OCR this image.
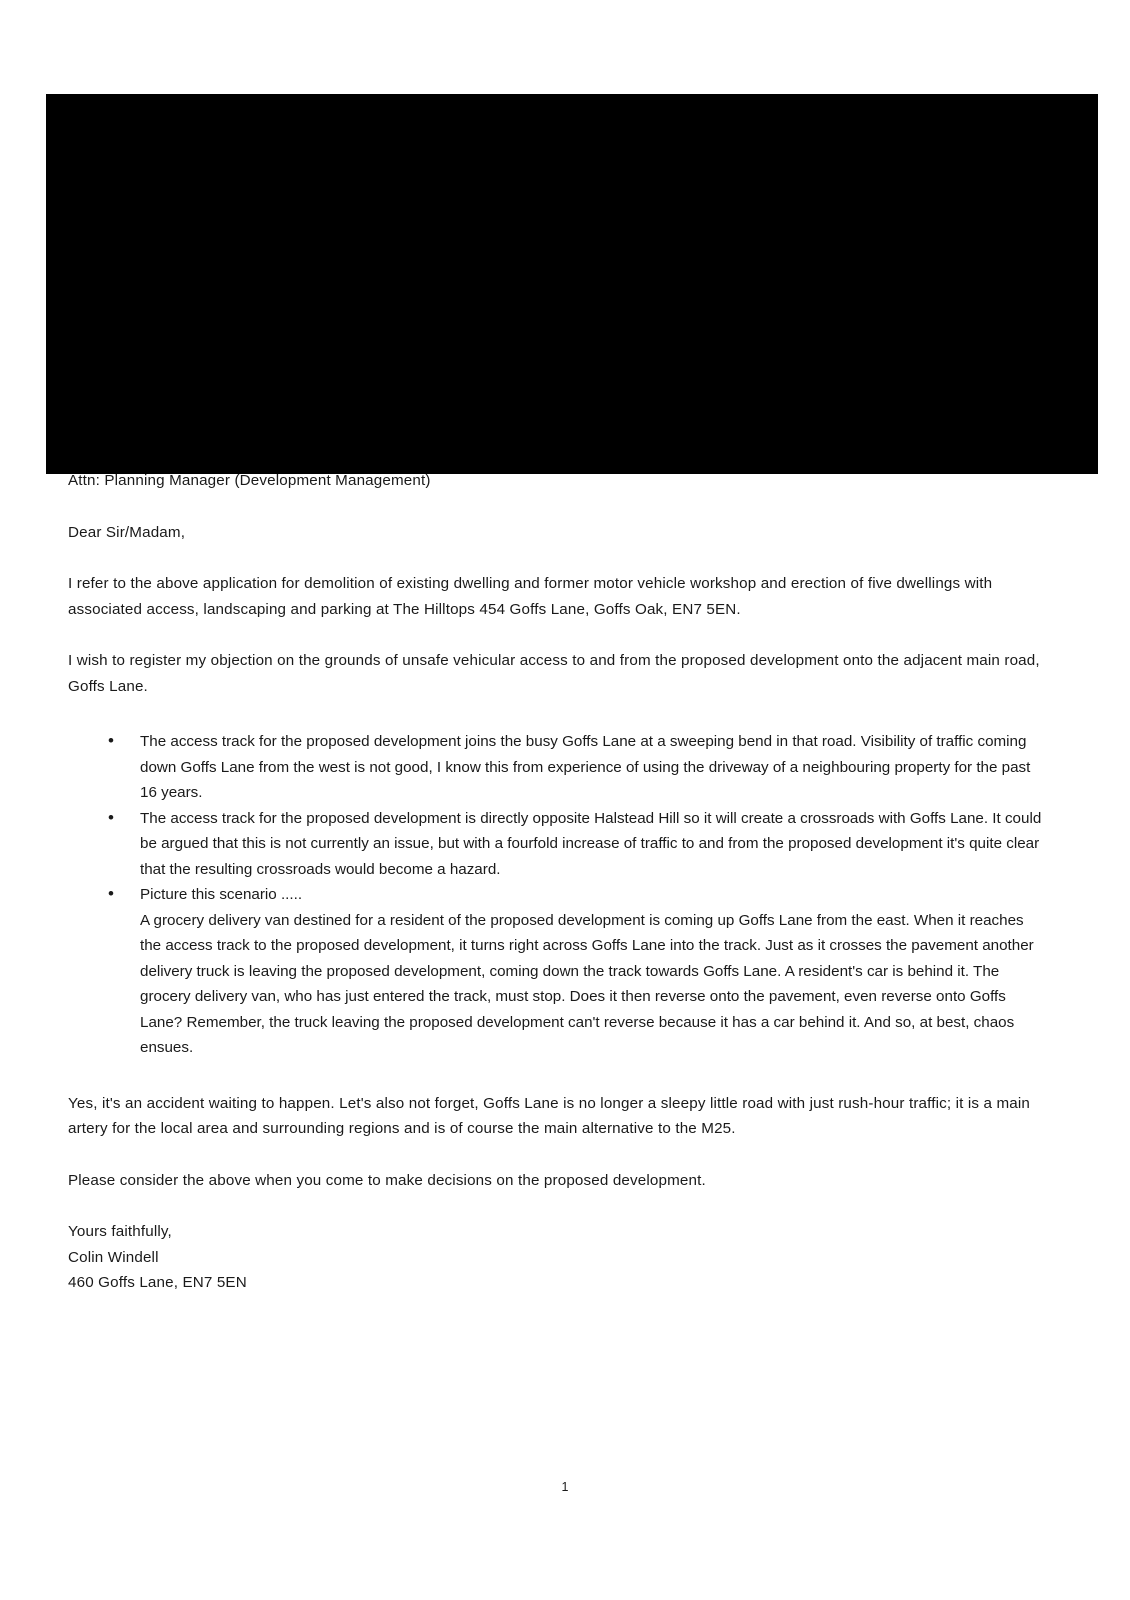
Attn: Planning Manager (Development Management)

Dear Sir/Madam,

I refer to the above application for demolition of existing dwelling and former motor vehicle workshop and erection of five dwellings with associated access, landscaping and parking at The Hilltops 454 Goffs Lane, Goffs Oak, EN7 5EN.

I wish to register my objection on the grounds of unsafe vehicular access to and from the proposed development onto the adjacent main road, Goffs Lane.

• The access track for the proposed development joins the busy Goffs Lane at a sweeping bend in that road. Visibility of traffic coming down Goffs Lane from the west is not good, I know this from experience of using the driveway of a neighbouring property for the past 16 years.
• The access track for the proposed development is directly opposite Halstead Hill so it will create a crossroads with Goffs Lane. It could be argued that this is not currently an issue, but with a fourfold increase of traffic to and from the proposed development it's quite clear that the resulting crossroads would become a hazard.
• Picture this scenario .....
A grocery delivery van destined for a resident of the proposed development is coming up Goffs Lane from the east. When it reaches the access track to the proposed development, it turns right across Goffs Lane into the track. Just as it crosses the pavement another delivery truck is leaving the proposed development, coming down the track towards Goffs Lane. A resident's car is behind it. The grocery delivery van, who has just entered the track, must stop. Does it then reverse onto the pavement, even reverse onto Goffs Lane? Remember, the truck leaving the proposed development can't reverse because it has a car behind it. And so, at best, chaos ensues.

Yes, it's an accident waiting to happen. Let's also not forget, Goffs Lane is no longer a sleepy little road with just rush-hour traffic; it is a main artery for the local area and surrounding regions and is of course the main alternative to the M25.

Please consider the above when you come to make decisions on the proposed development.

Yours faithfully,

Colin Windell

460 Goffs Lane, EN7 5EN

1
